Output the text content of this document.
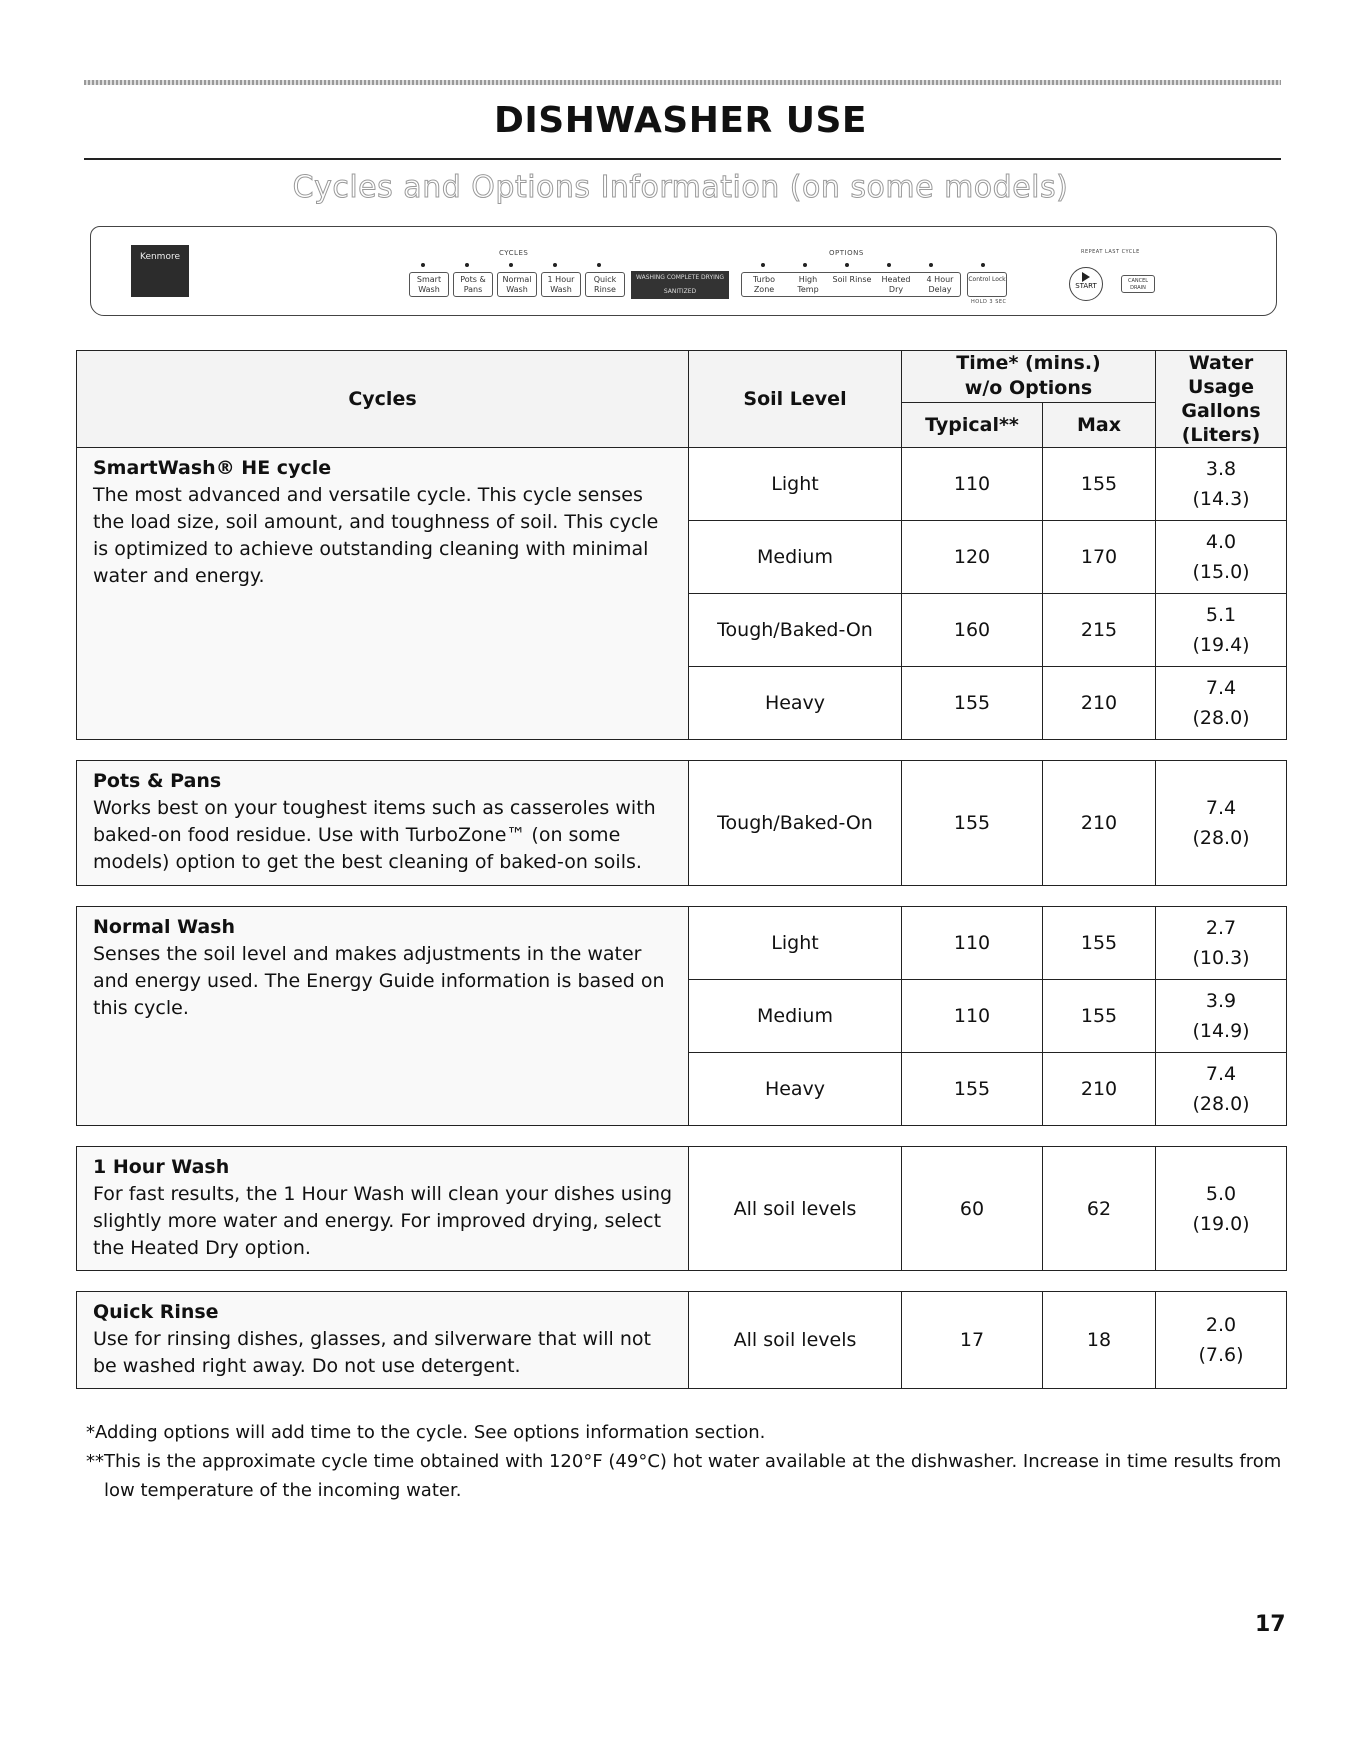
DISHWASHER USE
Cycles and Options Information (on some models)
Kenmore	CYCLES	OPTIONS	REPEAT LAST CYCLE
Smart Wash
Pots & Pans
Normal Wash
1 Hour Wash
Quick Rinse
WASHING COMPLETE DRYING
SANITIZED
Turbo Zone
High Temp
Soil Rinse	Heated Dry
4 Hour Delay
Control Lock
HOLD 3 SEC
START
CANCEL DRAIN
Cycles	Soil Level	Time* (mins.) w/o Options		Water Usage Gallons (Liters)
		Typical**	Max	

SmartWash® HE cycle
The most advanced and versatile cycle. This cycle senses the load size, soil amount, and toughness of soil. This cycle is optimized to achieve outstanding cleaning with minimal water and energy.	Light	110	155	3.8
(14.3)

	Medium	120	170	4.0
(15.0)

	Tough/Baked-On	160	215	5.1
(19.4)

	Heavy	155	210	7.4
(28.0)

Pots & Pans
Works best on your toughest items such as casseroles with baked-on food residue. Use with TurboZone™ (on some models) option to get the best cleaning of baked-on soils.	Tough/Baked-On	155	210	7.4
(28.0)

Normal Wash
Senses the soil level and makes adjustments in the water and energy used. The Energy Guide information is based on this cycle.	Light	110	155	2.7
(10.3)

	Medium	110	155	3.9
(14.9)

	Heavy	155	210	7.4
(28.0)

1 Hour Wash
For fast results, the 1 Hour Wash will clean your dishes using slightly more water and energy. For improved drying, select the Heated Dry option.	All soil levels	60	62	5.0
(19.0)

Quick Rinse
Use for rinsing dishes, glasses, and silverware that will not be washed right away. Do not use detergent.	All soil levels	17	18	2.0
(7.6)
*Adding options will add time to the cycle. See options information section.
**This is the approximate cycle time obtained with 120°F (49°C) hot water available at the dishwasher. Increase in time results from low temperature of the incoming water.
17
